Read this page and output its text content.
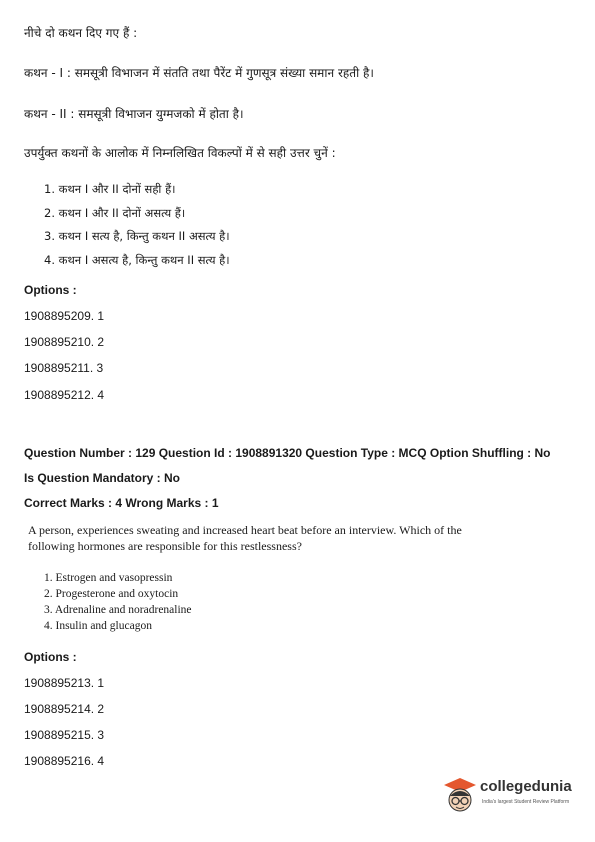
नीचे दो कथन दिए गए हैं :
कथन - I : समसूत्री विभाजन में संतति तथा पैरेंट में गुणसूत्र संख्या समान रहती है।
कथन - II : समसूत्री विभाजन युग्मजको में होता है।
उपर्युक्त कथनों के आलोक में निम्नलिखित विकल्पों में से सही उत्तर चुनें :
1. कथन I और II दोनों सही हैं।
2. कथन I और II दोनों असत्य हैं।
3. कथन I सत्य है, किन्तु कथन II असत्य है।
4. कथन I असत्य है, किन्तु कथन II सत्य है।
Options :
1908895209. 1
1908895210. 2
1908895211. 3
1908895212. 4
Question Number : 129 Question Id : 1908891320 Question Type : MCQ Option Shuffling : No
Is Question Mandatory : No
Correct Marks : 4 Wrong Marks : 1
A person, experiences sweating and increased heart beat before an interview. Which of the
following hormones are responsible for this restlessness?
1. Estrogen and vasopressin
2. Progesterone and oxytocin
3. Adrenaline and noradrenaline
4. Insulin and glucagon
Options :
1908895213. 1
1908895214. 2
1908895215. 3
1908895216. 4
collegedunia
India's largest Student Review Platform
